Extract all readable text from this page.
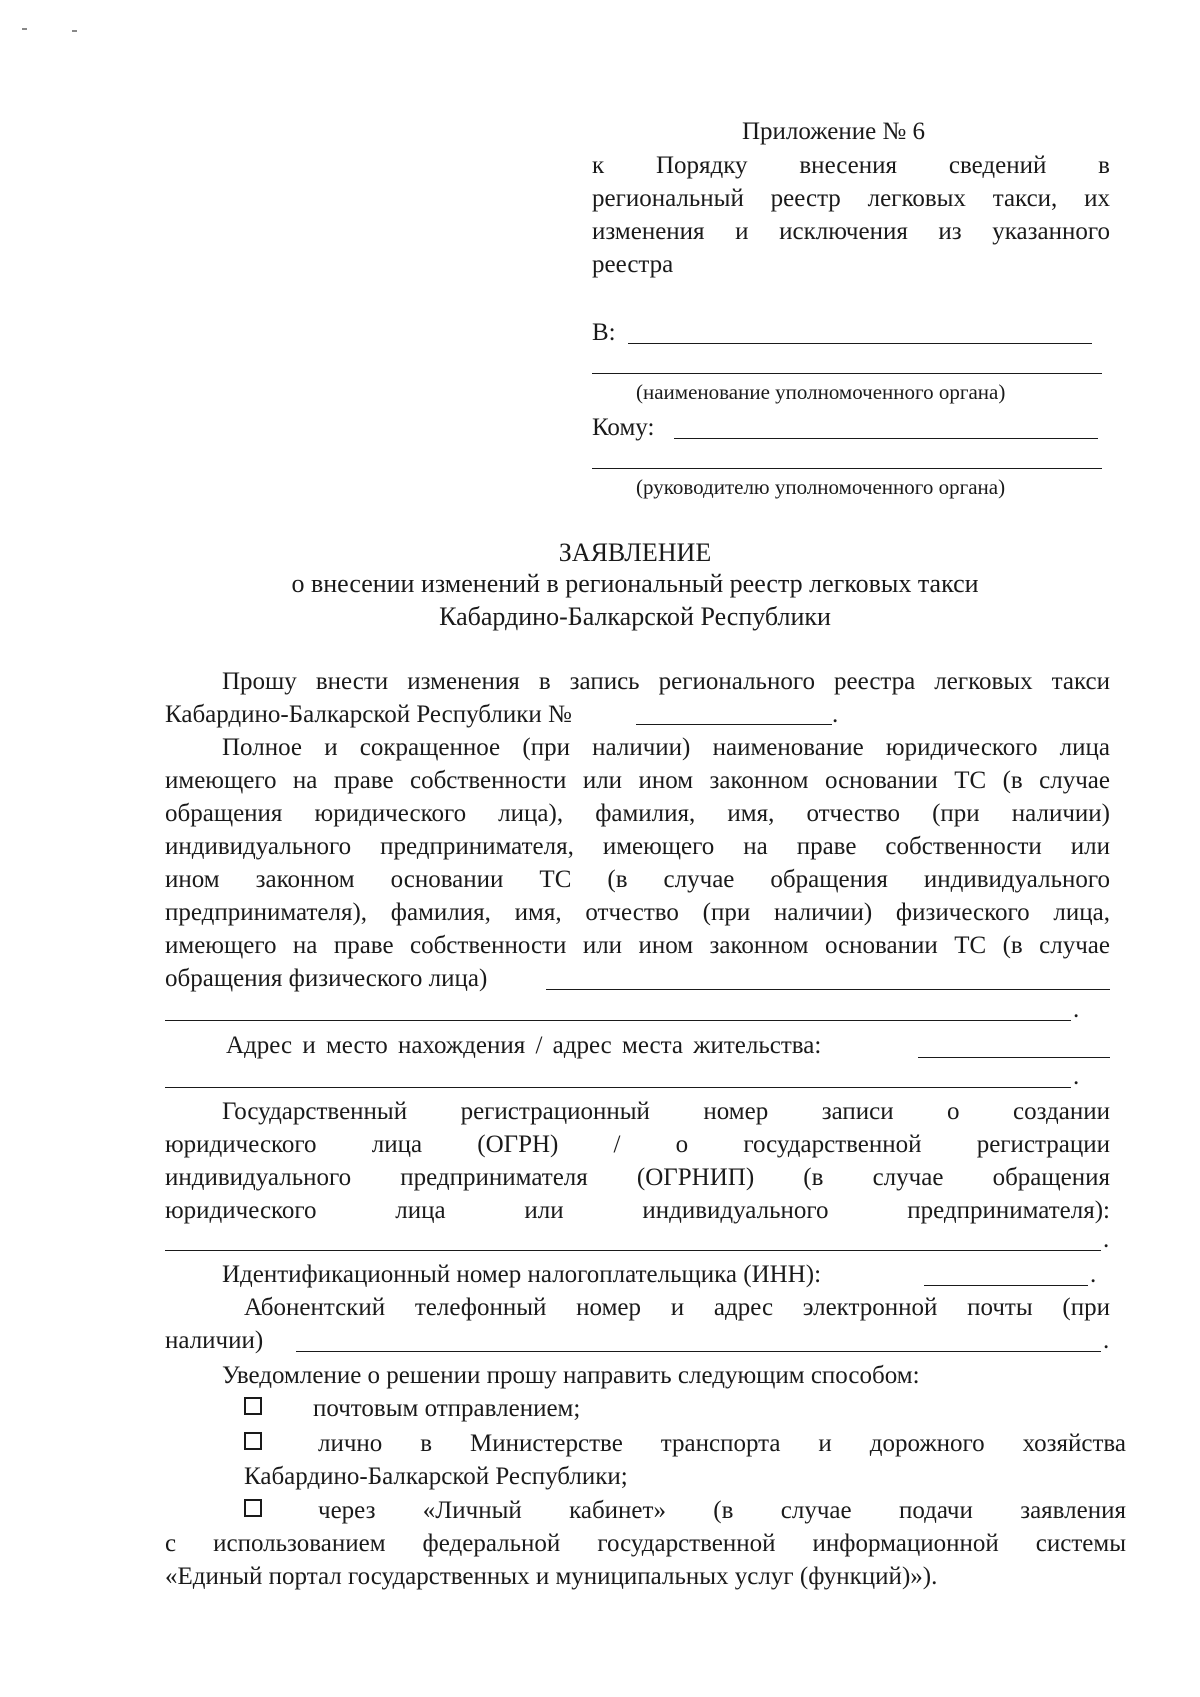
Приложение № 6
к Порядку внесения сведений в
региональный реестр легковых такси, их
изменения и исключения из указанного
реестра
В:
(наименование уполномоченного органа)
Кому:
(руководителю уполномоченного органа)
ЗАЯВЛЕНИЕ
о внесении изменений в региональный реестр легковых такси
Кабардино-Балкарской Республики
Прошу внести изменения в запись регионального реестра легковых такси
Кабардино-Балкарской Республики №	.
Полное и сокращенное (при наличии) наименование юридического лица
имеющего на праве собственности или ином законном основании ТС (в случае
обращения юридического лица), фамилия, имя, отчество (при наличии)
индивидуального предпринимателя, имеющего на праве собственности или
ином законном основании ТС (в случае обращения индивидуального
предпринимателя), фамилия, имя, отчество (при наличии) физического лица,
имеющего на праве собственности или ином законном основании ТС (в случае
обращения физического лица)
.
Адрес и место нахождения / адрес места жительства:
.
Государственный регистрационный номер записи о создании
юридического лица (ОГРН) / о государственной регистрации
индивидуального предпринимателя (ОГРНИП) (в случае обращения
юридического лица или индивидуального предпринимателя):
.
Идентификационный номер налогоплательщика (ИНН):	.
Абонентский телефонный номер и адрес электронной почты (при
наличии)	.
Уведомление о решении прошу направить следующим способом:
почтовым отправлением;
лично в Министерстве транспорта и дорожного хозяйства
Кабардино-Балкарской Республики;
через «Личный кабинет» (в случае подачи заявления
с использованием федеральной государственной информационной системы
«Единый портал государственных и муниципальных услуг (функций)»).
